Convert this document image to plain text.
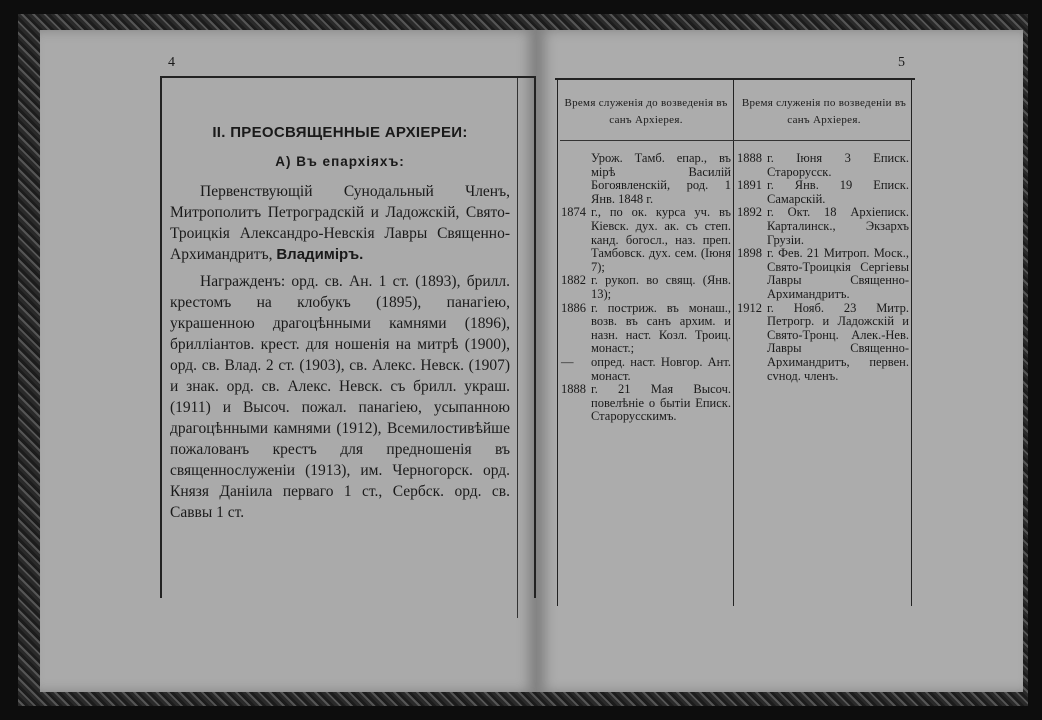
4
II. ПРЕОСВЯЩЕННЫЕ АРХІЕРЕИ:
А) Въ епархіяхъ:
Первенствующій Сунодальный Членъ, Митрополитъ Петроградскій и Ладожскій, Свято-Троицкія Александро-Невскія Лавры Священно-Архимандритъ, Владиміръ.
Награжденъ: орд. св. Ан. 1 ст. (1893), брилл. крестомъ на клобукъ (1895), панагіею, украшенною драгоцѣнными камнями (1896), бриллiантов. крест. для ношенія на митрѣ (1900), орд. св. Влад. 2 ст. (1903), св. Алекс. Невск. (1907) и знак. орд. св. Алекс. Невск. съ брилл. украш. (1911) и Высоч. пожал. панагіею, усыпанною драгоцѣнными камнями (1912), Всемилостивѣйше пожалованъ крестъ для предношенія въ священнослуженіи (1913), им. Черногорск. орд. Князя Даніила перваго 1 ст., Сербск. орд. св. Саввы 1 ст.
5
Время служенія до возведенія въ санъ Архіерея.
Время служенія по возведеніи въ санъ Архіерея.
Урож. Тамб. епар., въ мірѣ Василій Богоявленскій, род. 1 Янв. 1848 г.
1874 г., по ок. курса уч. въ Кіевск. дух. ак. съ степ. канд. богосл., наз. преп. Тамбовск. дух. сем. (Іюня 7);
1882 г. рукоп. во свящ. (Янв. 13);
1886 г. постриж. въ монаш., возв. въ санъ архим. и назн. наст. Козл. Троиц. монаст.;
—	опред. наст. Новгор. Ант. монаст.
1888 г. 21 Мая Высоч. повелѣніе о бытіи Еписк. Старорусскимъ.
1888 г. Іюня 3 Еписк. Старорусск.
1891 г. Янв. 19 Еписк. Самарскій.
1892 г. Окт. 18 Архіеписк. Карталинск., Экзархъ Грузіи.
1898 г. Фев. 21 Митроп. Моск., Свято-Троицкія Сергіевы Лавры Священно-Архимандритъ.
1912 г. Нояб. 23 Митр. Петрогр. и Ладожскій и Свято-Тронц. Алек.-Нев. Лавры Священно-Архимандритъ, первен. сvнод. членъ.
